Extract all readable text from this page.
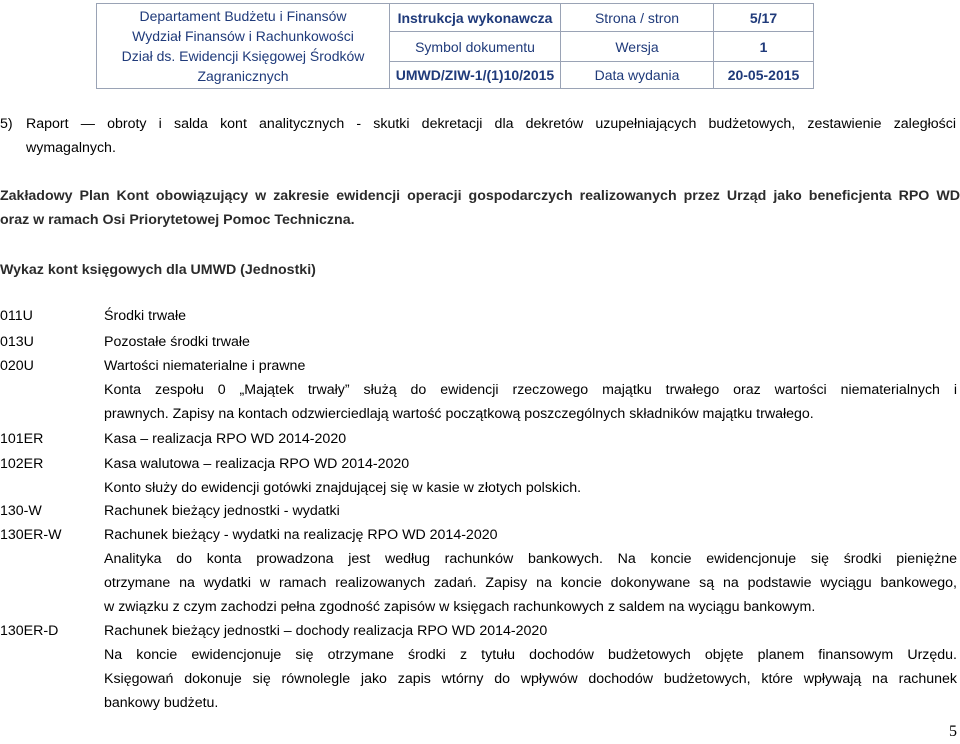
Departament Budżetu i Finansów
Wydział Finansów i Rachunkowości
Dział ds. Ewidencji Księgowej Środków
Zagranicznych	Instrukcja wykonawcza	Strona / stron	5/17
	Symbol dokumentu	Wersja	1
	UMWD/ZIW-1/(1)10/2015	Data wydania	20-05-2015
5) Raport — obroty i salda kont analitycznych - skutki dekretacji dla dekretów uzupełniających budżetowych, zestawienie zaległości

wymagalnych.

Zakładowy Plan Kont obowiązujący w zakresie ewidencji operacji gospodarczych realizowanych przez Urząd jako beneficjenta RPO WD

oraz w ramach Osi Priorytetowej Pomoc Techniczna.

Wykaz kont księgowych dla UMWD (Jednostki)

011U	Środki trwałe
013U	Pozostałe środki trwałe
020U	Wartości niematerialne i prawne

Konta zespołu 0 „Majątek trwały” służą do ewidencji rzeczowego majątku trwałego oraz wartości niematerialnych i

prawnych. Zapisy na kontach odzwierciedlają wartość początkową poszczególnych składników majątku trwałego.

101ER	Kasa – realizacja RPO WD 2014-2020
102ER	Kasa walutowa – realizacja RPO WD 2014-2020

Konto służy do ewidencji gotówki znajdującej się w kasie w złotych polskich.

130-W	Rachunek bieżący jednostki - wydatki
130ER-W	Rachunek bieżący - wydatki na realizację RPO WD 2014-2020

Analityka do konta prowadzona jest według rachunków bankowych. Na koncie ewidencjonuje się środki pieniężne

otrzymane na wydatki w ramach realizowanych zadań. Zapisy na koncie dokonywane są na podstawie wyciągu bankowego,

w związku z czym zachodzi pełna zgodność zapisów w księgach rachunkowych z saldem na wyciągu bankowym.

130ER-D	Rachunek bieżący jednostki – dochody realizacja RPO WD 2014-2020

Na koncie ewidencjonuje się otrzymane środki z tytułu dochodów budżetowych objęte planem finansowym Urzędu.

Księgowań dokonuje się równolegle jako zapis wtórny do wpływów dochodów budżetowych, które wpływają na rachunek

bankowy budżetu.

5
